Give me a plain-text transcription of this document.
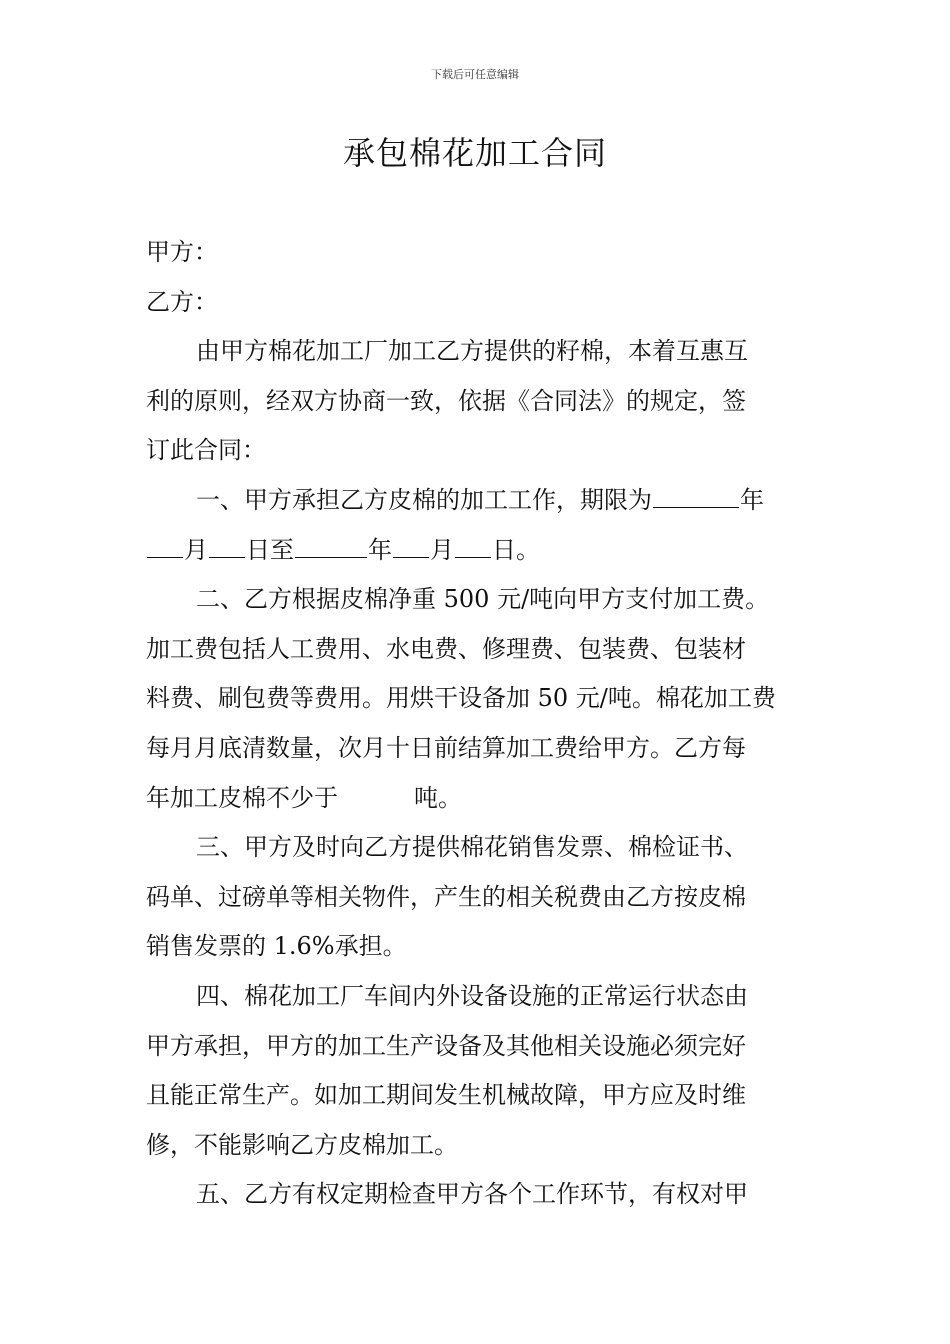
下载后可任意编辑
承包棉花加工合同
甲方：
乙方：
由甲方棉花加工厂加工乙方提供的籽棉，本着互惠互
利的原则，经双方协商一致，依据《合同法》的规定，签
订此合同：
一、甲方承担乙方皮棉的加工工作，期限为	年
月 日至	年 月 日。
二、乙方根据皮棉净重 500 元/吨向甲方支付加工费。
加工费包括人工费用、水电费、修理费、包装费、包装材
料费、刷包费等费用。用烘干设备加 50 元/吨。棉花加工费
每月月底清数量，次月十日前结算加工费给甲方。乙方每
年加工皮棉不少于	吨。
三、甲方及时向乙方提供棉花销售发票、棉检证书、
码单、过磅单等相关物件，产生的相关税费由乙方按皮棉
销售发票的 1.6%承担。
四、棉花加工厂车间内外设备设施的正常运行状态由
甲方承担，甲方的加工生产设备及其他相关设施必须完好
且能正常生产。如加工期间发生机械故障，甲方应及时维
修，不能影响乙方皮棉加工。
五、乙方有权定期检查甲方各个工作环节，有权对甲
